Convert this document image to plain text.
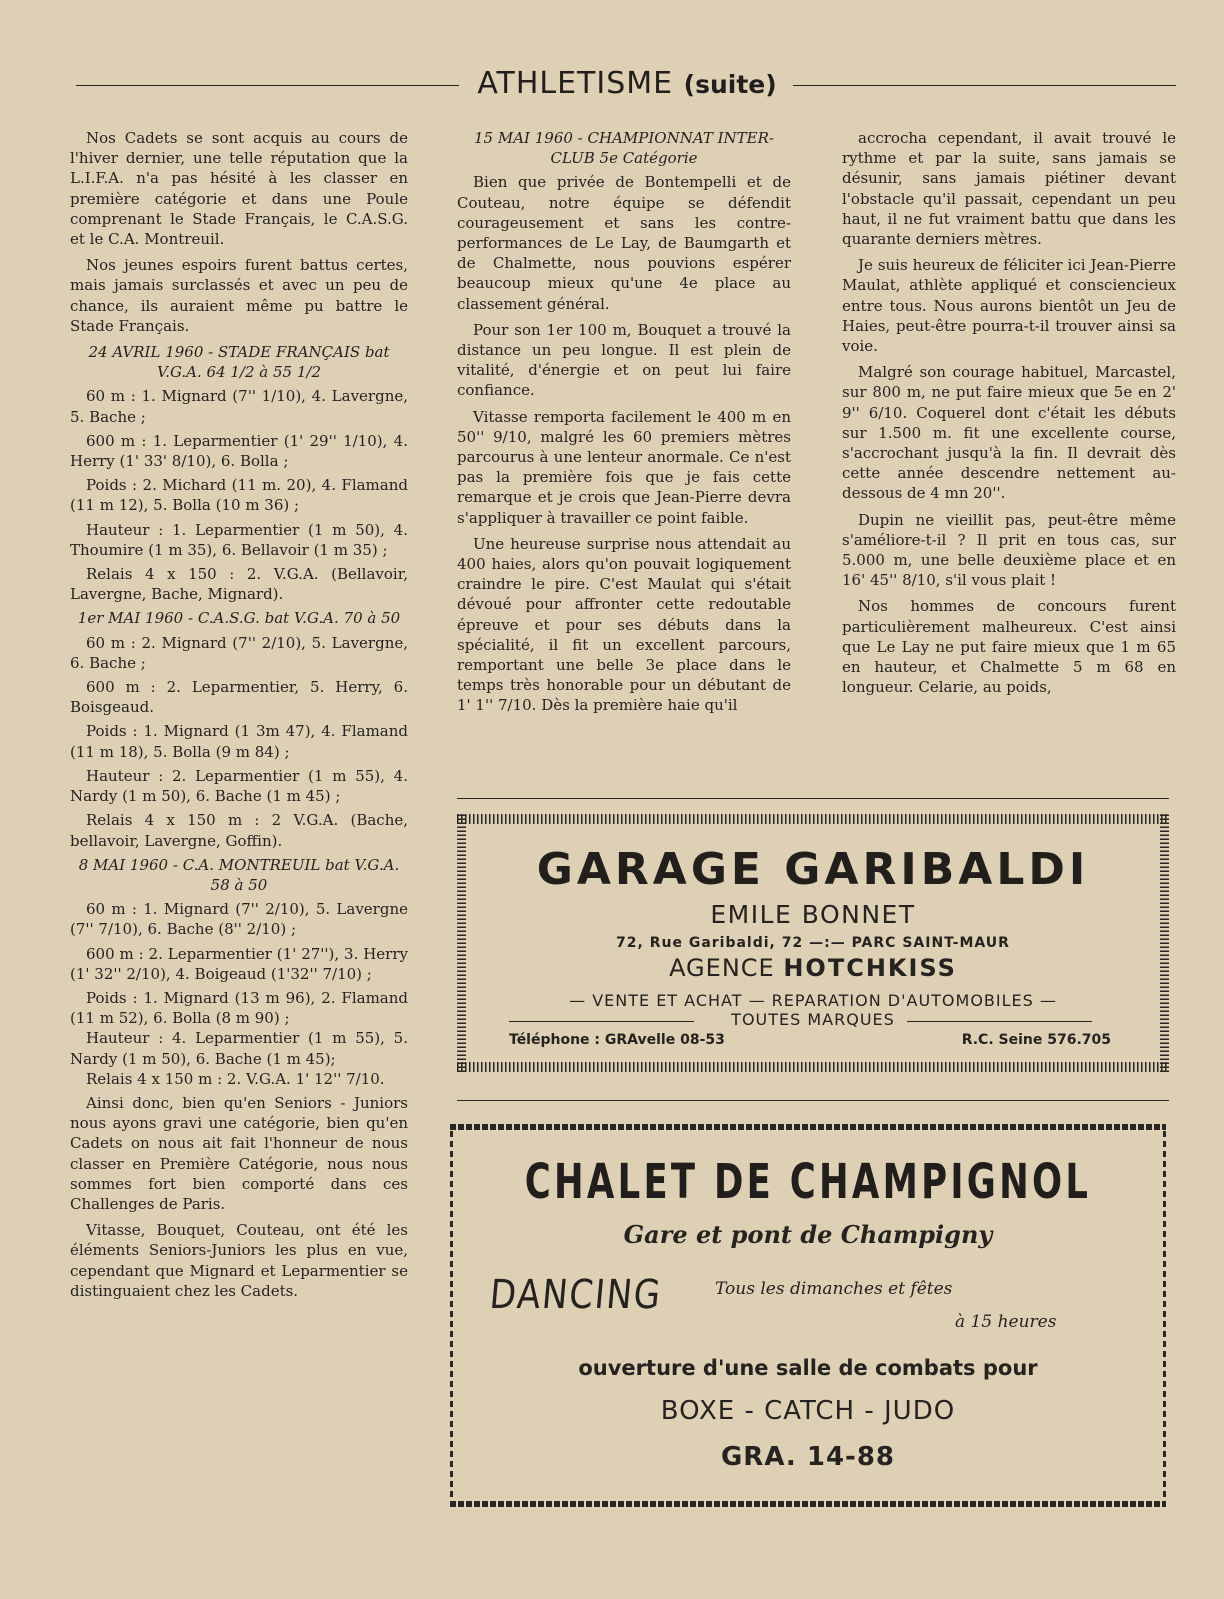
ATHLETISME (suite)

Nos Cadets se sont acquis au cours de l'hiver dernier, une telle réputation que la L.I.F.A. n'a pas hésité à les classer en première catégorie et dans une Poule comprenant le Stade Français, le C.A.S.G. et le C.A. Montreuil.

Nos jeunes espoirs furent battus certes, mais jamais surclassés et avec un peu de chance, ils auraient même pu battre le Stade Français.

24 AVRIL 1960 - STADE FRANÇAIS bat V.G.A. 64 1/2 à 55 1/2

60 m : 1. Mignard (7'' 1/10), 4. Lavergne, 5. Bache ;

600 m : 1. Leparmentier (1' 29'' 1/10), 4. Herry (1' 33' 8/10), 6. Bolla ;

Poids : 2. Michard (11 m. 20), 4. Flamand (11 m 12), 5. Bolla (10 m 36) ;

Hauteur : 1. Leparmentier (1 m 50), 4. Thoumire (1 m 35), 6. Bellavoir (1 m 35) ;

Relais 4 x 150 : 2. V.G.A. (Bellavoir, Lavergne, Bache, Mignard).

1er MAI 1960 - C.A.S.G. bat V.G.A. 70 à 50

60 m : 2. Mignard (7'' 2/10), 5. Lavergne, 6. Bache ;

600 m : 2. Leparmentier, 5. Herry, 6. Boisgeaud.

Poids : 1. Mignard (1 3m 47), 4. Flamand (11 m 18), 5. Bolla (9 m 84) ;

Hauteur : 2. Leparmentier (1 m 55), 4. Nardy (1 m 50), 6. Bache (1 m 45) ;

Relais 4 x 150 m : 2 V.G.A. (Bache, bellavoir, Lavergne, Goffin).

8 MAI 1960 - C.A. MONTREUIL bat V.G.A. 58 à 50

60 m : 1. Mignard (7'' 2/10), 5. Lavergne (7'' 7/10), 6. Bache (8'' 2/10) ;

600 m : 2. Leparmentier (1' 27''), 3. Herry (1' 32'' 2/10), 4. Boigeaud (1'32'' 7/10) ;

Poids : 1. Mignard (13 m 96), 2. Flamand (11 m 52), 6. Bolla (8 m 90) ;

Hauteur : 4. Leparmentier (1 m 55), 5. Nardy (1 m 50), 6. Bache (1 m 45);

Relais 4 x 150 m : 2. V.G.A. 1' 12'' 7/10.

Ainsi donc, bien qu'en Seniors - Juniors nous ayons gravi une catégorie, bien qu'en Cadets on nous ait fait l'honneur de nous classer en Première Catégorie, nous nous sommes fort bien comporté dans ces Challenges de Paris.

Vitasse, Bouquet, Couteau, ont été les éléments Seniors-Juniors les plus en vue, cependant que Mignard et Leparmentier se distinguaient chez les Cadets.

15 MAI 1960 - CHAMPIONNAT INTER-CLUB 5e Catégorie

Bien que privée de Bontempelli et de Couteau, notre équipe se défendit courageusement et sans les contre-performances de Le Lay, de Baumgarth et de Chalmette, nous pouvions espérer beaucoup mieux qu'une 4e place au classement général.

Pour son 1er 100 m, Bouquet a trouvé la distance un peu longue. Il est plein de vitalité, d'énergie et on peut lui faire confiance.

Vitasse remporta facilement le 400 m en 50'' 9/10, malgré les 60 premiers mètres parcourus à une lenteur anormale. Ce n'est pas la première fois que je fais cette remarque et je crois que Jean-Pierre devra s'appliquer à travailler ce point faible.

Une heureuse surprise nous attendait au 400 haies, alors qu'on pouvait logiquement craindre le pire. C'est Maulat qui s'était dévoué pour affronter cette redoutable épreuve et pour ses débuts dans la spécialité, il fit un excellent parcours, remportant une belle 3e place dans le temps très honorable pour un débutant de 1' 1'' 7/10. Dès la première haie qu'il

accrocha cependant, il avait trouvé le rythme et par la suite, sans jamais se désunir, sans jamais piétiner devant l'obstacle qu'il passait, cependant un peu haut, il ne fut vraiment battu que dans les quarante derniers mètres.

Je suis heureux de féliciter ici Jean-Pierre Maulat, athlète appliqué et consciencieux entre tous. Nous aurons bientôt un Jeu de Haies, peut-être pourra-t-il trouver ainsi sa voie.

Malgré son courage habituel, Marcastel, sur 800 m, ne put faire mieux que 5e en 2' 9'' 6/10. Coquerel dont c'était les débuts sur 1.500 m. fit une excellente course, s'accrochant jusqu'à la fin. Il devrait dès cette année descendre nettement au-dessous de 4 mn 20''.

Dupin ne vieillit pas, peut-être même s'améliore-t-il ? Il prit en tous cas, sur 5.000 m, une belle deuxième place et en 16' 45'' 8/10, s'il vous plait !

Nos hommes de concours furent particulièrement malheureux. C'est ainsi que Le Lay ne put faire mieux que 1 m 65 en hauteur, et Chalmette 5 m 68 en longueur. Celarie, au poids,

GARAGE GARIBALDI
EMILE BONNET
72, Rue Garibaldi, 72 —:— PARC SAINT-MAUR
AGENCE HOTCHKISS
— VENTE ET ACHAT — REPARATION D'AUTOMOBILES —
TOUTES MARQUES
Téléphone : GRAvelle 08-53	R.C. Seine 576.705
CHALET DE CHAMPIGNOL
Gare et pont de Champigny
DANCING	Tous les dimanches et fêtes
à 15 heures
ouverture d'une salle de combats pour
BOXE - CATCH - JUDO
GRA. 14-88
